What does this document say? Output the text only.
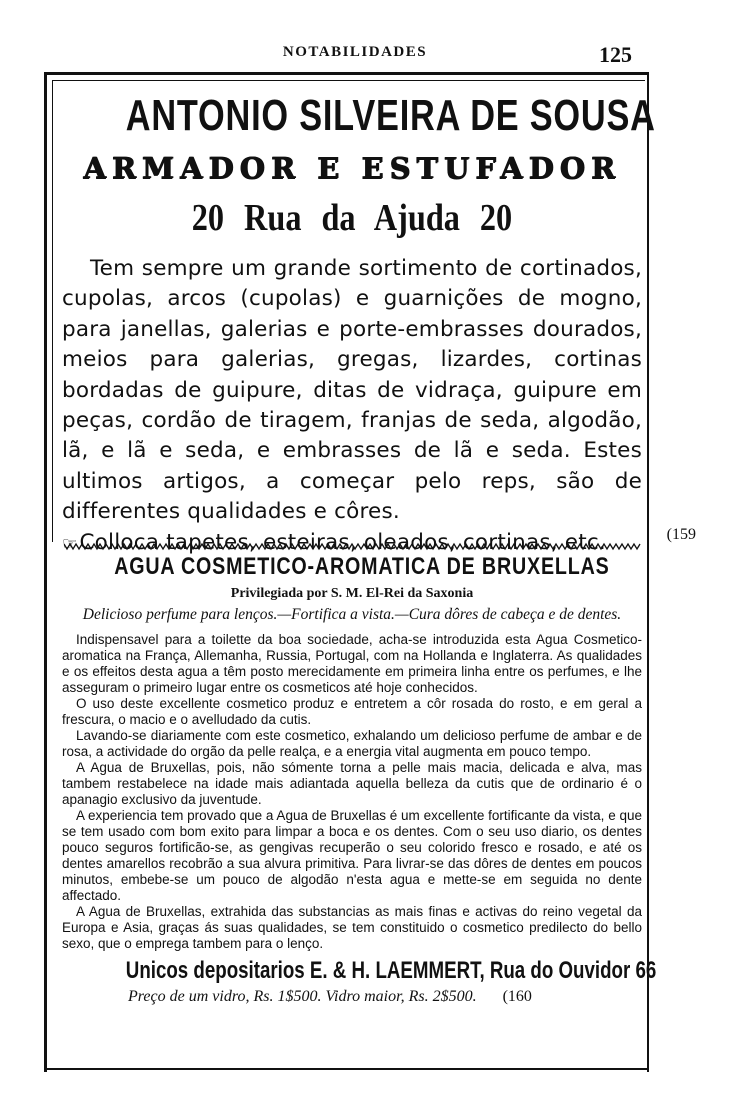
NOTABILIDADES	125
ANTONIO SILVEIRA DE SOUSA
ARMADOR E ESTUFADOR
20 Rua da Ajuda 20
Tem sempre um grande sortimento de cortinados, cupolas, arcos (cupolas) e guarnições de mogno, para janellas, galerias e porte-embrasses dourados, meios para galerias, gregas, lizardes, cortinas bordadas de guipure, ditas de vidraça, guipure em peças, cordão de tiragem, franjas de seda, algodão, lã, e lã e seda, e embrasses de lã e seda. Estes ultimos artigos, a começar pelo reps, são de differentes qualidades e côres.
☞Colloca tapetes, esteiras, oleados, cortinas, etc.	(159
AGUA COSMETICO-AROMATICA DE BRUXELLAS
Privilegiada por S. M. El-Rei da Saxonia
Delicioso perfume para lenços.—Fortifica a vista.—Cura dôres de cabeça e de dentes.

Indispensavel para a toilette da boa sociedade, acha-se introduzida esta Agua Cosmetico-aromatica na França, Allemanha, Russia, Portugal, com na Hollanda e Inglaterra. As qualidades e os effeitos desta agua a têm posto merecidamente em primeira linha entre os perfumes, e lhe asseguram o primeiro lugar entre os cosmeticos até hoje conhecidos.

O uso deste excellente cosmetico produz e entretem a côr rosada do rosto, e em geral a frescura, o macio e o avelludado da cutis.

Lavando-se diariamente com este cosmetico, exhalando um delicioso perfume de ambar e de rosa, a actividade do orgão da pelle realça, e a energia vital augmenta em pouco tempo.

A Agua de Bruxellas, pois, não sómente torna a pelle mais macia, delicada e alva, mas tambem restabelece na idade mais adiantada aquella belleza da cutis que de ordinario é o apanagio exclusivo da juventude.

A experiencia tem provado que a Agua de Bruxellas é um excellente fortificante da vista, e que se tem usado com bom exito para limpar a boca e os dentes. Com o seu uso diario, os dentes pouco seguros fortificão-se, as gengivas recuperão o seu colorido fresco e rosado, e até os dentes amarellos recobrão a sua alvura primitiva. Para livrar-se das dôres de dentes em poucos minutos, embebe-se um pouco de algodão n'esta agua e mette-se em seguida no dente affectado.

A Agua de Bruxellas, extrahida das substancias as mais finas e activas do reino vegetal da Europa e Asia, graças ás suas qualidades, se tem constituido o cosmetico predilecto do bello sexo, que o emprega tambem para o lenço.

Unicos depositarios E. & H. LAEMMERT, Rua do Ouvidor 66
Preço de um vidro, Rs. 1$500. Vidro maior, Rs. 2$500. (160
